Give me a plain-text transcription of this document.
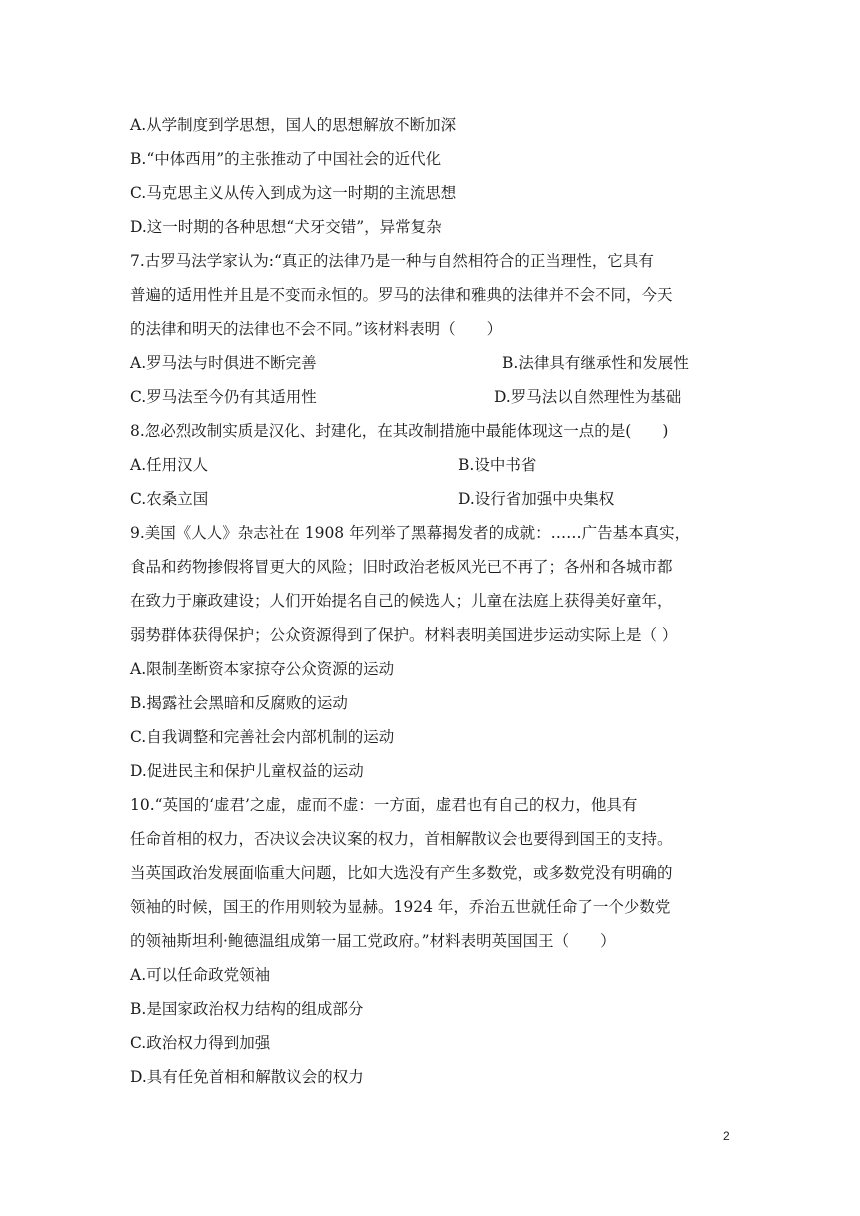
A.从学制度到学思想，国人的思想解放不断加深
B.“中体西用”的主张推动了中国社会的近代化
C.马克思主义从传入到成为这一时期的主流思想
D.这一时期的各种思想“犬牙交错”，异常复杂
7.古罗马法学家认为:“真正的法律乃是一种与自然相符合的正当理性，它具有
普遍的适用性并且是不变而永恒的。罗马的法律和雅典的法律并不会不同，今天
的法律和明天的法律也不会不同。”该材料表明（　　）
A.罗马法与时俱进不断完善	B.法律具有继承性和发展性
C.罗马法至今仍有其适用性	D.罗马法以自然理性为基础
8.忽必烈改制实质是汉化、封建化，在其改制措施中最能体现这一点的是(　　)
A.任用汉人	B.设中书省
C.农桑立国	D.设行省加强中央集权
9.美国《人人》杂志社在 1908 年列举了黑幕揭发者的成就：……广告基本真实，
食品和药物掺假将冒更大的风险；旧时政治老板风光已不再了；各州和各城市都
在致力于廉政建设；人们开始提名自己的候选人；儿童在法庭上获得美好童年，
弱势群体获得保护；公众资源得到了保护。材料表明美国进步运动实际上是（ ）
A.限制垄断资本家掠夺公众资源的运动
B.揭露社会黑暗和反腐败的运动
C.自我调整和完善社会内部机制的运动
D.促进民主和保护儿童权益的运动
10.“英国的‘虚君’之虚，虚而不虚：一方面，虚君也有自己的权力，他具有
任命首相的权力，否决议会决议案的权力，首相解散议会也要得到国王的支持。
当英国政治发展面临重大问题，比如大选没有产生多数党，或多数党没有明确的
领袖的时候，国王的作用则较为显赫。1924 年，乔治五世就任命了一个少数党
的领袖斯坦利·鲍德温组成第一届工党政府。”材料表明英国国王（　　）
A.可以任命政党领袖
B.是国家政治权力结构的组成部分
C.政治权力得到加强
D.具有任免首相和解散议会的权力
2
